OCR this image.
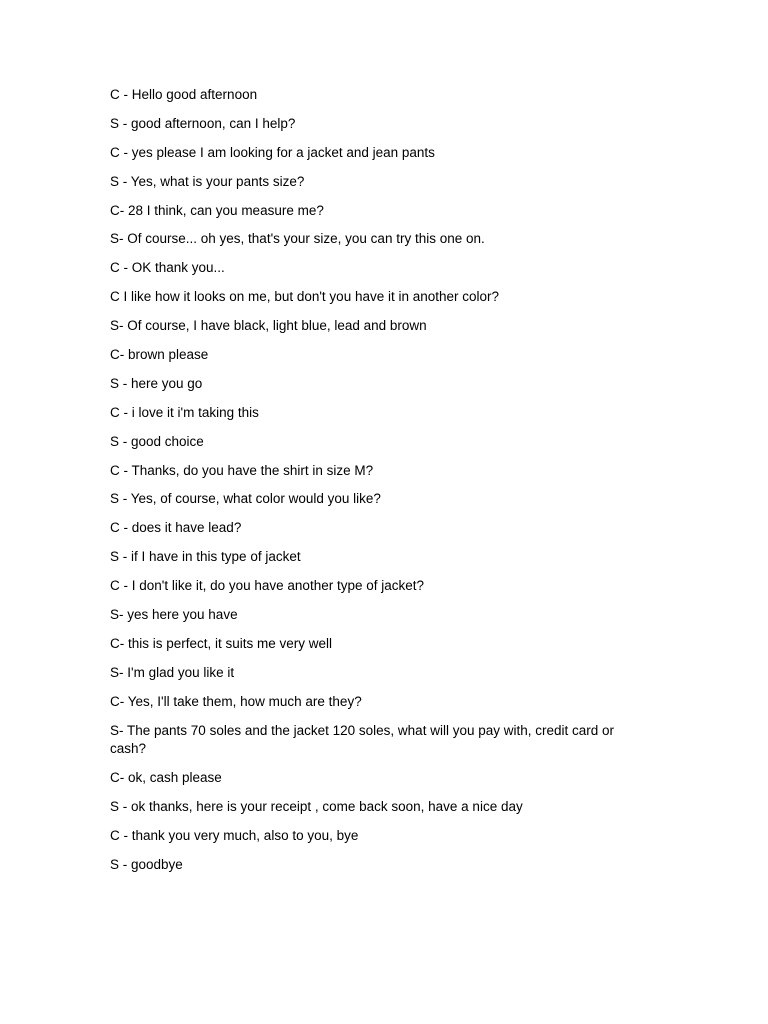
C - Hello good afternoon
S - good afternoon, can I help?
C - yes please I am looking for a jacket and jean pants
S - Yes, what is your pants size?
C- 28 I think, can you measure me?
S- Of course... oh yes, that's your size, you can try this one on.
C - OK thank you...
C I like how it looks on me, but don't you have it in another color?
S- Of course, I have black, light blue, lead and brown
C- brown please
S - here you go
C - i love it i'm taking this
S - good choice
C - Thanks, do you have the shirt in size M?
S - Yes, of course, what color would you like?
C - does it have lead?
S - if I have in this type of jacket
C - I don't like it, do you have another type of jacket?
S- yes here you have
C- this is perfect, it suits me very well
S- I'm glad you like it
C- Yes, I'll take them, how much are they?
S- The pants 70 soles and the jacket 120 soles, what will you pay with, credit card or cash?
C- ok, cash please
S - ok thanks, here is your receipt , come back soon, have a nice day
C - thank you very much, also to you, bye
S - goodbye
